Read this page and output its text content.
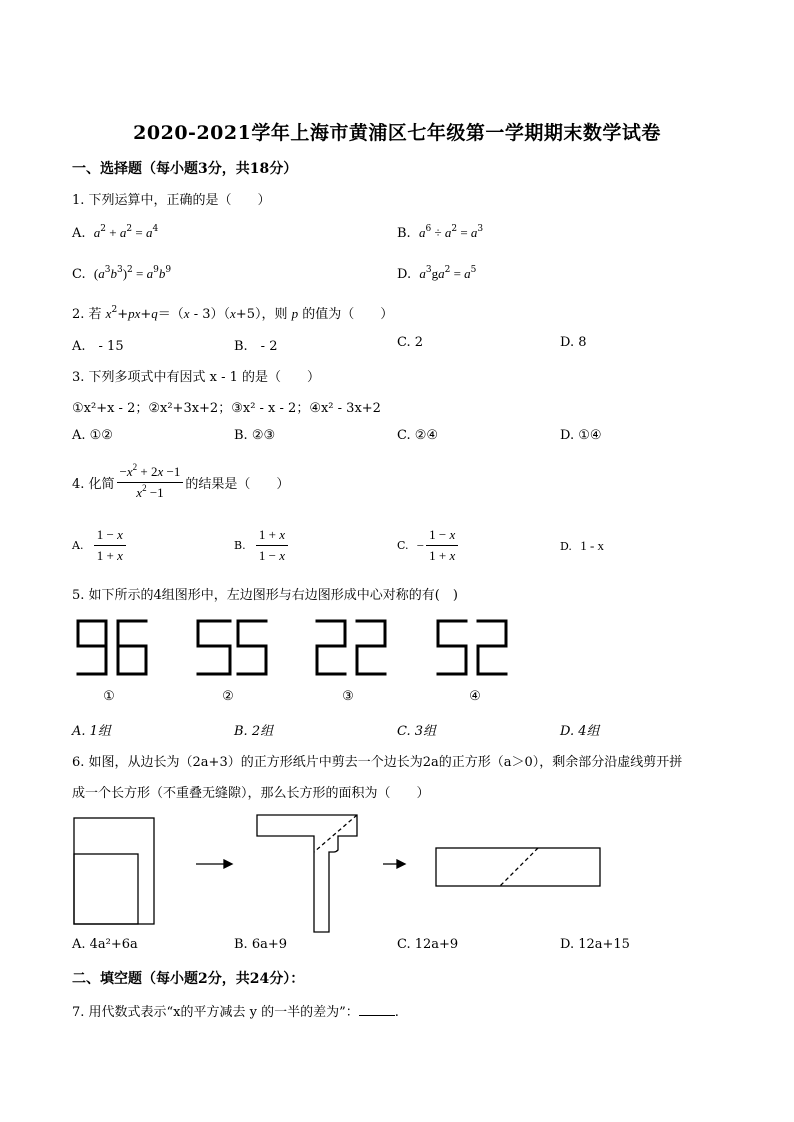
2020-2021学年上海市黄浦区七年级第一学期期末数学试卷
一、选择题（每小题3分，共18分）
1. 下列运算中，正确的是（　　）
A. $a^2 + a^2 = a^4$	B. $a^6 \div a^2 = a^3$
C. $(a^3b^3)^2 = a^9b^9$	D. $a^3ga^2 = a^5$
2. 若 $x^2+px+q=(x - 3)(x+5)$，则 p 的值为（　　）
A.　- 15	B.　- 2	C. 2	D. 8
3. 下列多项式中有因式 x - 1 的是（　　）
①x²+x - 2；②x²+3x+2；③x² - x - 2；④x² - 3x+2
A. ①②	B. ②③	C. ②④	D. ①④
4. 化简 $\frac{-x^2 + 2x -1}{x^2 -1}$ 的结果是（　　）
A.
$\frac{1 - x}{1 + x}$	B.
$\frac{1 + x}{1 - x}$	C.
− $\frac{1 - x}{1 + x}$	D. 1 - x
5. 如下所示的4组图形中，左边图形与右边图形成中心对称的有(　)
①	②	③	④
A. 1组	B. 2组	C. 3组	D. 4组
6. 如图，从边长为（2a+3）的正方形纸片中剪去一个边长为2a的正方形（a＞0），剩余部分沿虚线剪开拼
成一个长方形（不重叠无缝隙），那么长方形的面积为（　　）
A. 4a²+6a	B. 6a+9	C. 12a+9	D. 12a+15
二、填空题（每小题2分，共24分）：
7. 用代数式表示“x的平方减去 y 的一半的差为”：	.
